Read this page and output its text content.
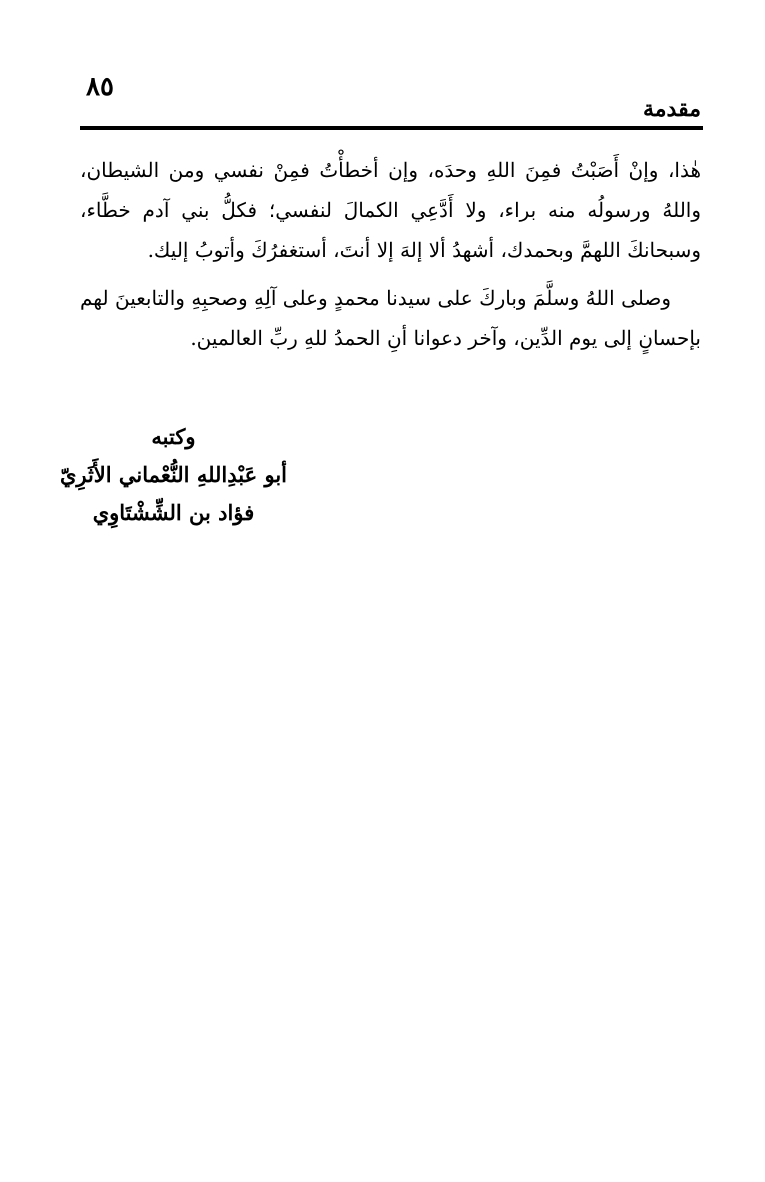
٨٥
مقدمة

هٰذا، وإنْ أَصَبْتُ فمِنَ اللهِ وحدَه، وإن أخطأْتُ فمِنْ نفسي ومن الشيطان، واللهُ ورسولُه منه براء، ولا أَدَّعِي الكمالَ لنفسي؛ فكلُّ بني آدم خطَّاء، وسبحانكَ اللهمَّ وبحمدك، أشهدُ ألا إلهَ إلا أنتَ، أستغفرُكَ وأتوبُ إليك.

وصلى اللهُ وسلَّمَ وباركَ على سيدنا محمدٍ وعلى آلِهِ وصحبِهِ والتابعينَ لهم بإحسانٍ إلى يوم الدِّين، وآخر دعوانا أنِ الحمدُ للهِ ربِّ العالمين.

وكتبه
أبو عَبْدِاللهِ النُّعْماني الأَثَرِيّ
فؤاد بن الشِّشْتَاوِي
